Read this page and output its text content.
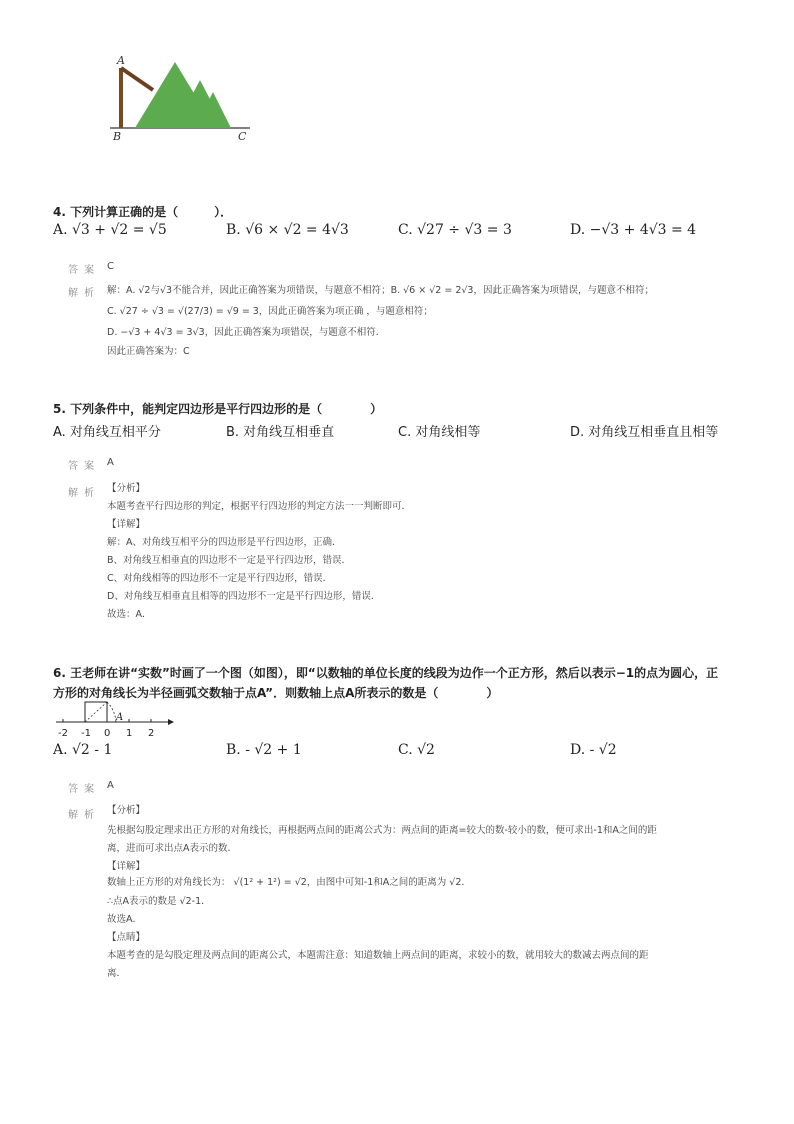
A
B	C
4. 下列计算正确的是（　　　）．
A. √3 + √2 = √5	B. √6 × √2 = 4√3	C. √27 ÷ √3 = 3	D. −√3 + 4√3 = 4
答案 C
解析 解：A. √2与√3不能合并，因此正确答案为项错误，与题意不相符；B. √6 × √2 = 2√3，因此正确答案为项错误，与题意不相符；
C. √27 ÷ √3 = √(27/3) = √9 = 3，因此正确答案为项正确 ，与题意相符；
D. −√3 + 4√3 = 3√3，因此正确答案为项错误，与题意不相符．
因此正确答案为：C
5. 下列条件中，能判定四边形是平行四边形的是（　　　　）
A. 对角线互相平分	B. 对角线互相垂直	C. 对角线相等	D. 对角线互相垂直且相等
答案 A
解析 【分析】
本题考查平行四边形的判定，根据平行四边形的判定方法一一判断即可．
【详解】
解：A、对角线互相平分的四边形是平行四边形，正确．
B、对角线互相垂直的四边形不一定是平行四边形，错误．
C、对角线相等的四边形不一定是平行四边形，错误．
D、对角线互相垂直且相等的四边形不一定是平行四边形，错误．
故选：A．
6. 王老师在讲“实数”时画了一个图（如图），即“以数轴的单位长度的线段为边作一个正方形，然后以表示−1的点为圆心，正
方形的对角线长为半径画弧交数轴于点A”．则数轴上点A所表示的数是（　　　　）
A
-2 -1 0 1 2
A. √2 - 1	B. - √2 + 1	C. √2	D. - √2
答案 A
解析 【分析】
先根据勾股定理求出正方形的对角线长，再根据两点间的距离公式为：两点间的距离=较大的数-较小的数，便可求出-1和A之间的距
离，进而可求出点A表示的数．
【详解】
数轴上正方形的对角线长为： √(1² + 1²) = √2，由图中可知-1和A之间的距离为 √2．
∴点A表示的数是 √2-1．
故选A．
【点睛】
本题考查的是勾股定理及两点间的距离公式，本题需注意：知道数轴上两点间的距离，求较小的数，就用较大的数减去两点间的距
离．
